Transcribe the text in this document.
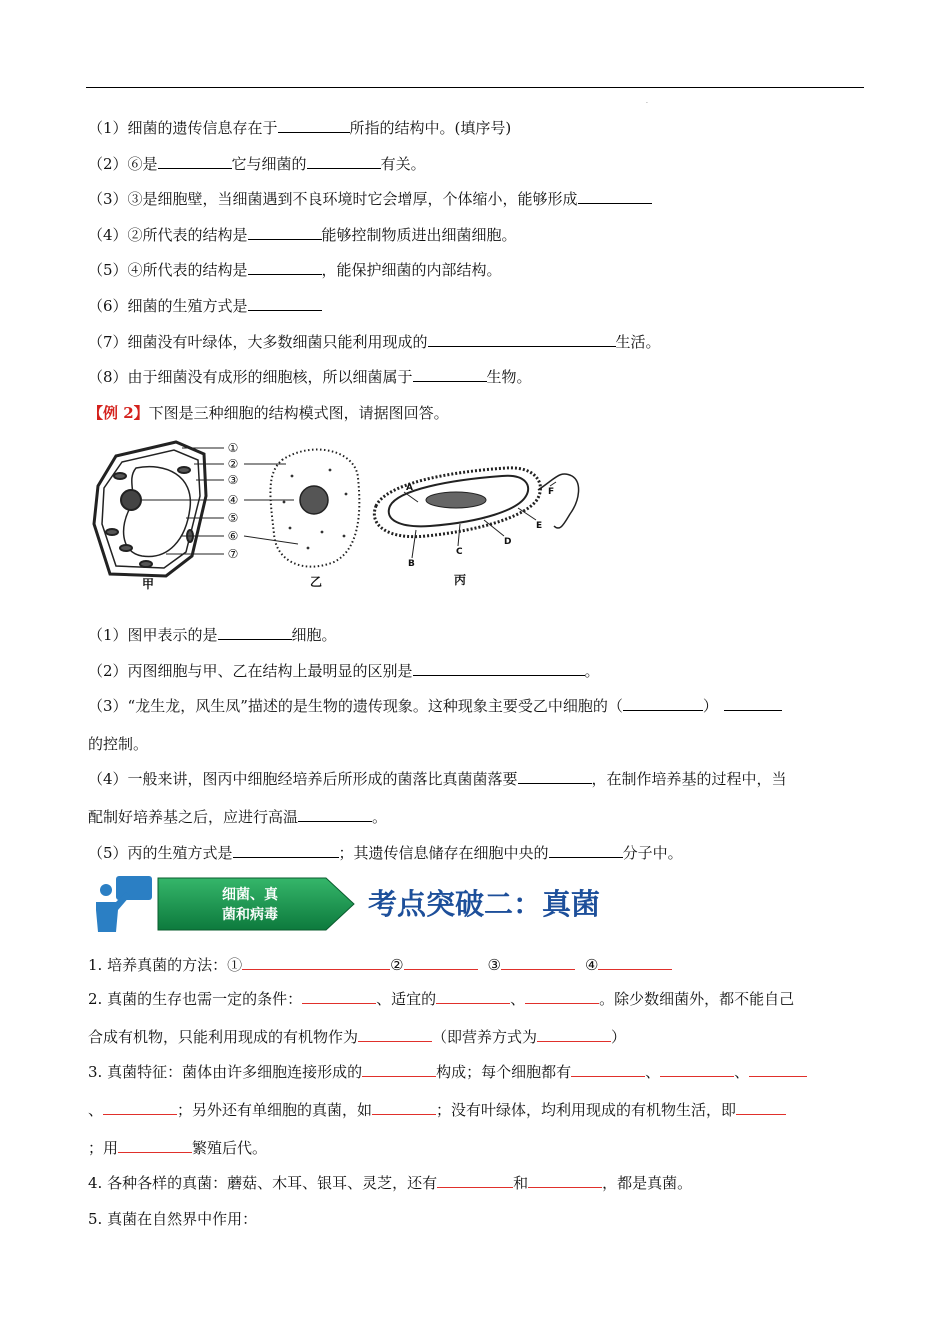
.
（1）细菌的遗传信息存在于	所指的结构中。(填序号)
（2）⑥是	它与细菌的	有关。
（3）③是细胞壁，当细菌遇到不良环境时它会增厚，个体缩小，能够形成
（4）②所代表的结构是	能够控制物质进出细菌细胞。
（5）④所代表的结构是	，能保护细菌的内部结构。
（6）细菌的生殖方式是
（7）细菌没有叶绿体，大多数细菌只能利用现成的	生活。
（8）由于细菌没有成形的细胞核，所以细菌属于	生物。
【例 2】下图是三种细胞的结构模式图，请据图回答。
①
②
③
④
⑤
⑥
⑦
A
B
C
D
E
F
甲	乙	丙
（1）图甲表示的是	细胞。
（2）丙图细胞与甲、乙在结构上最明显的区别是	。
（3）“龙生龙，风生凤”描述的是生物的遗传现象。这种现象主要受乙中细胞的（	）
的控制。
（4）一般来讲，图丙中细胞经培养后所形成的菌落比真菌菌落要	，在制作培养基的过程中，当
配制好培养基之后，应进行高温	。
（5）丙的生殖方式是	；其遗传信息储存在细胞中央的	分子中。
细菌、真
菌和病毒	考点突破二：真菌
1. 培养真菌的方法：①	②	③	④
2. 真菌的生存也需一定的条件：	、适宜的	、	。除少数细菌外，都不能自己
合成有机物，只能利用现成的有机物作为	（即营养方式为	）
3. 真菌特征：菌体由许多细胞连接形成的	构成；每个细胞都有	、	、
、	；另外还有单细胞的真菌，如	；没有叶绿体，均利用现成的有机物生活，即
；用	繁殖后代。
4. 各种各样的真菌：蘑菇、木耳、银耳、灵芝，还有	和	，都是真菌。
5. 真菌在自然界中作用：
